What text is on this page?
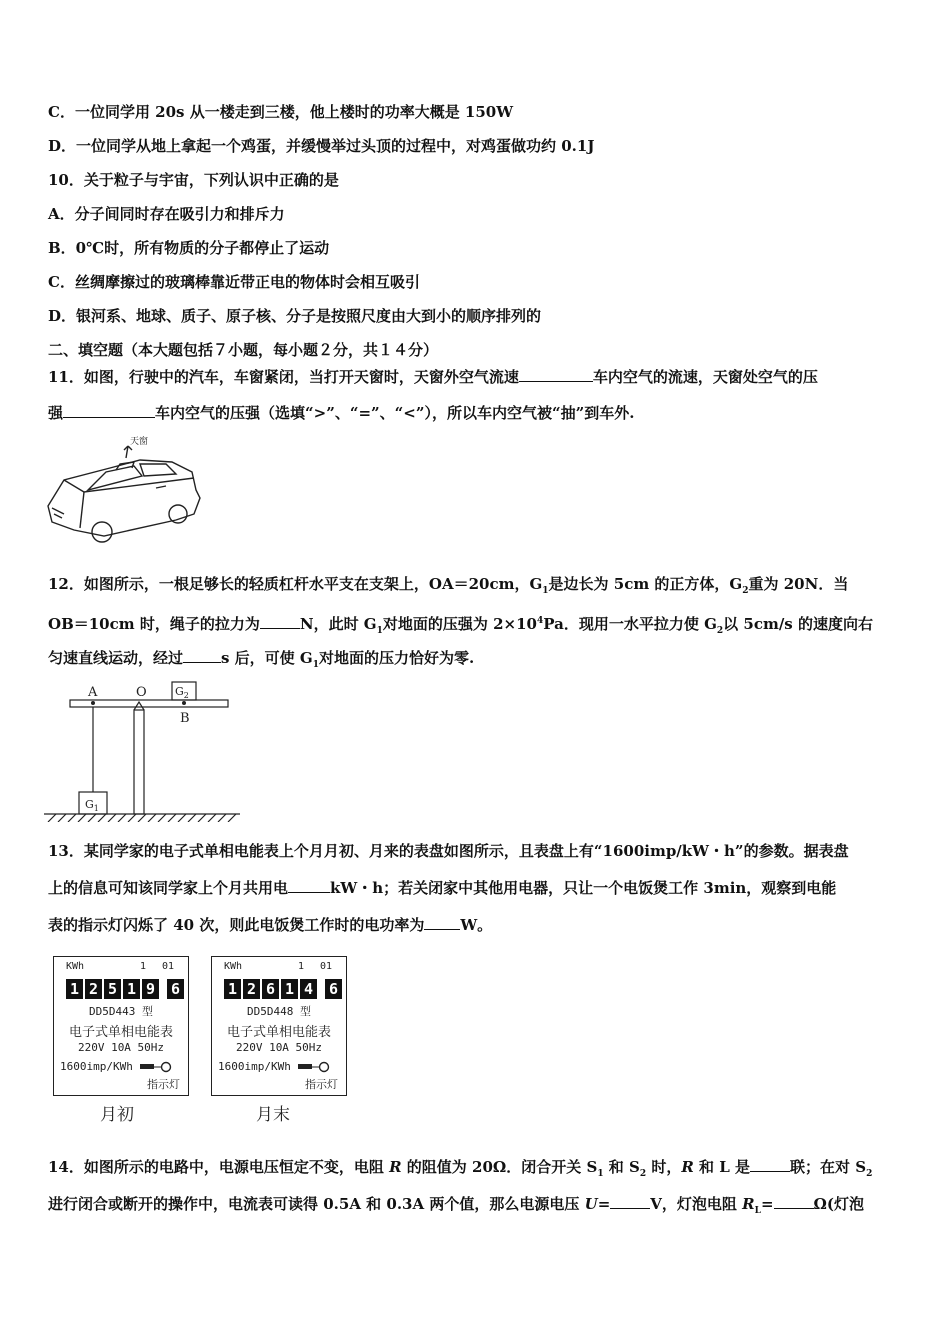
C．一位同学用 20s 从一楼走到三楼，他上楼时的功率大概是 150W
D．一位同学从地上拿起一个鸡蛋，并缓慢举过头顶的过程中，对鸡蛋做功约 0.1J
10．关于粒子与宇宙，下列认识中正确的是
A．分子间同时存在吸引力和排斥力
B．0℃时，所有物质的分子都停止了运动
C．丝绸摩擦过的玻璃棒靠近带正电的物体时会相互吸引
D．银河系、地球、质子、原子核、分子是按照尺度由大到小的顺序排列的
二、填空题（本大题包括７小题，每小题２分，共１４分）
11．如图，行驶中的汽车，车窗紧闭，当打开天窗时，天窗外空气流速	车内空气的流速，天窗处空气的压
强	车内空气的压强（选填“>”、“=”、“<”），所以车内空气被“抽”到车外.
天窗
12．如图所示，一根足够长的轻质杠杆水平支在支架上，OA＝20cm，$G_1$是边长为 5cm 的正方体，$G_2$重为 20N．当
OB＝10cm 时，绳子的拉力为	N，此时 $G_1$对地面的压强为 $2\times 10^4Pa$．现用一水平拉力使 $G_2$以 5cm/s 的速度向右
匀速直线运动，经过	s 后，可使 $G_1$对地面的压力恰好为零.
A	O
B
$G_2$
$G_1$
13．某同学家的电子式单相电能表上个月月初、月来的表盘如图所示，且表盘上有“1600imp/kW・h”的参数。据表盘
上的信息可知该同学家上个月共用电	kW・h；若关闭家中其他用电器，只让一个电饭煲工作 3min，观察到电能
表的指示灯闪烁了 40 次，则此电饭煲工作时的电功率为 W。
KWh	1 01
1 2 5 1 9 6
DD5D443 型
电子式单相电能表
220V 10A 50Hz
1600imp/KWh
指示灯
月初
KWh	1 01
1 2 6 1 4 6
DD5D448 型
电子式单相电能表
220V 10A 50Hz
1600imp/KWh
指示灯
月末
14．如图所示的电路中，电源电压恒定不变，电阻 R 的阻值为 20Ω．闭合开关 $S_1$ 和 $S_2$ 时，R 和 L 是	联；在对 $S_2$
进行闭合或断开的操作中，电流表可读得 0.5A 和 0.3A 两个值，那么电源电压 U=	V，灯泡电阻 $R_L=$	Ω(灯泡
